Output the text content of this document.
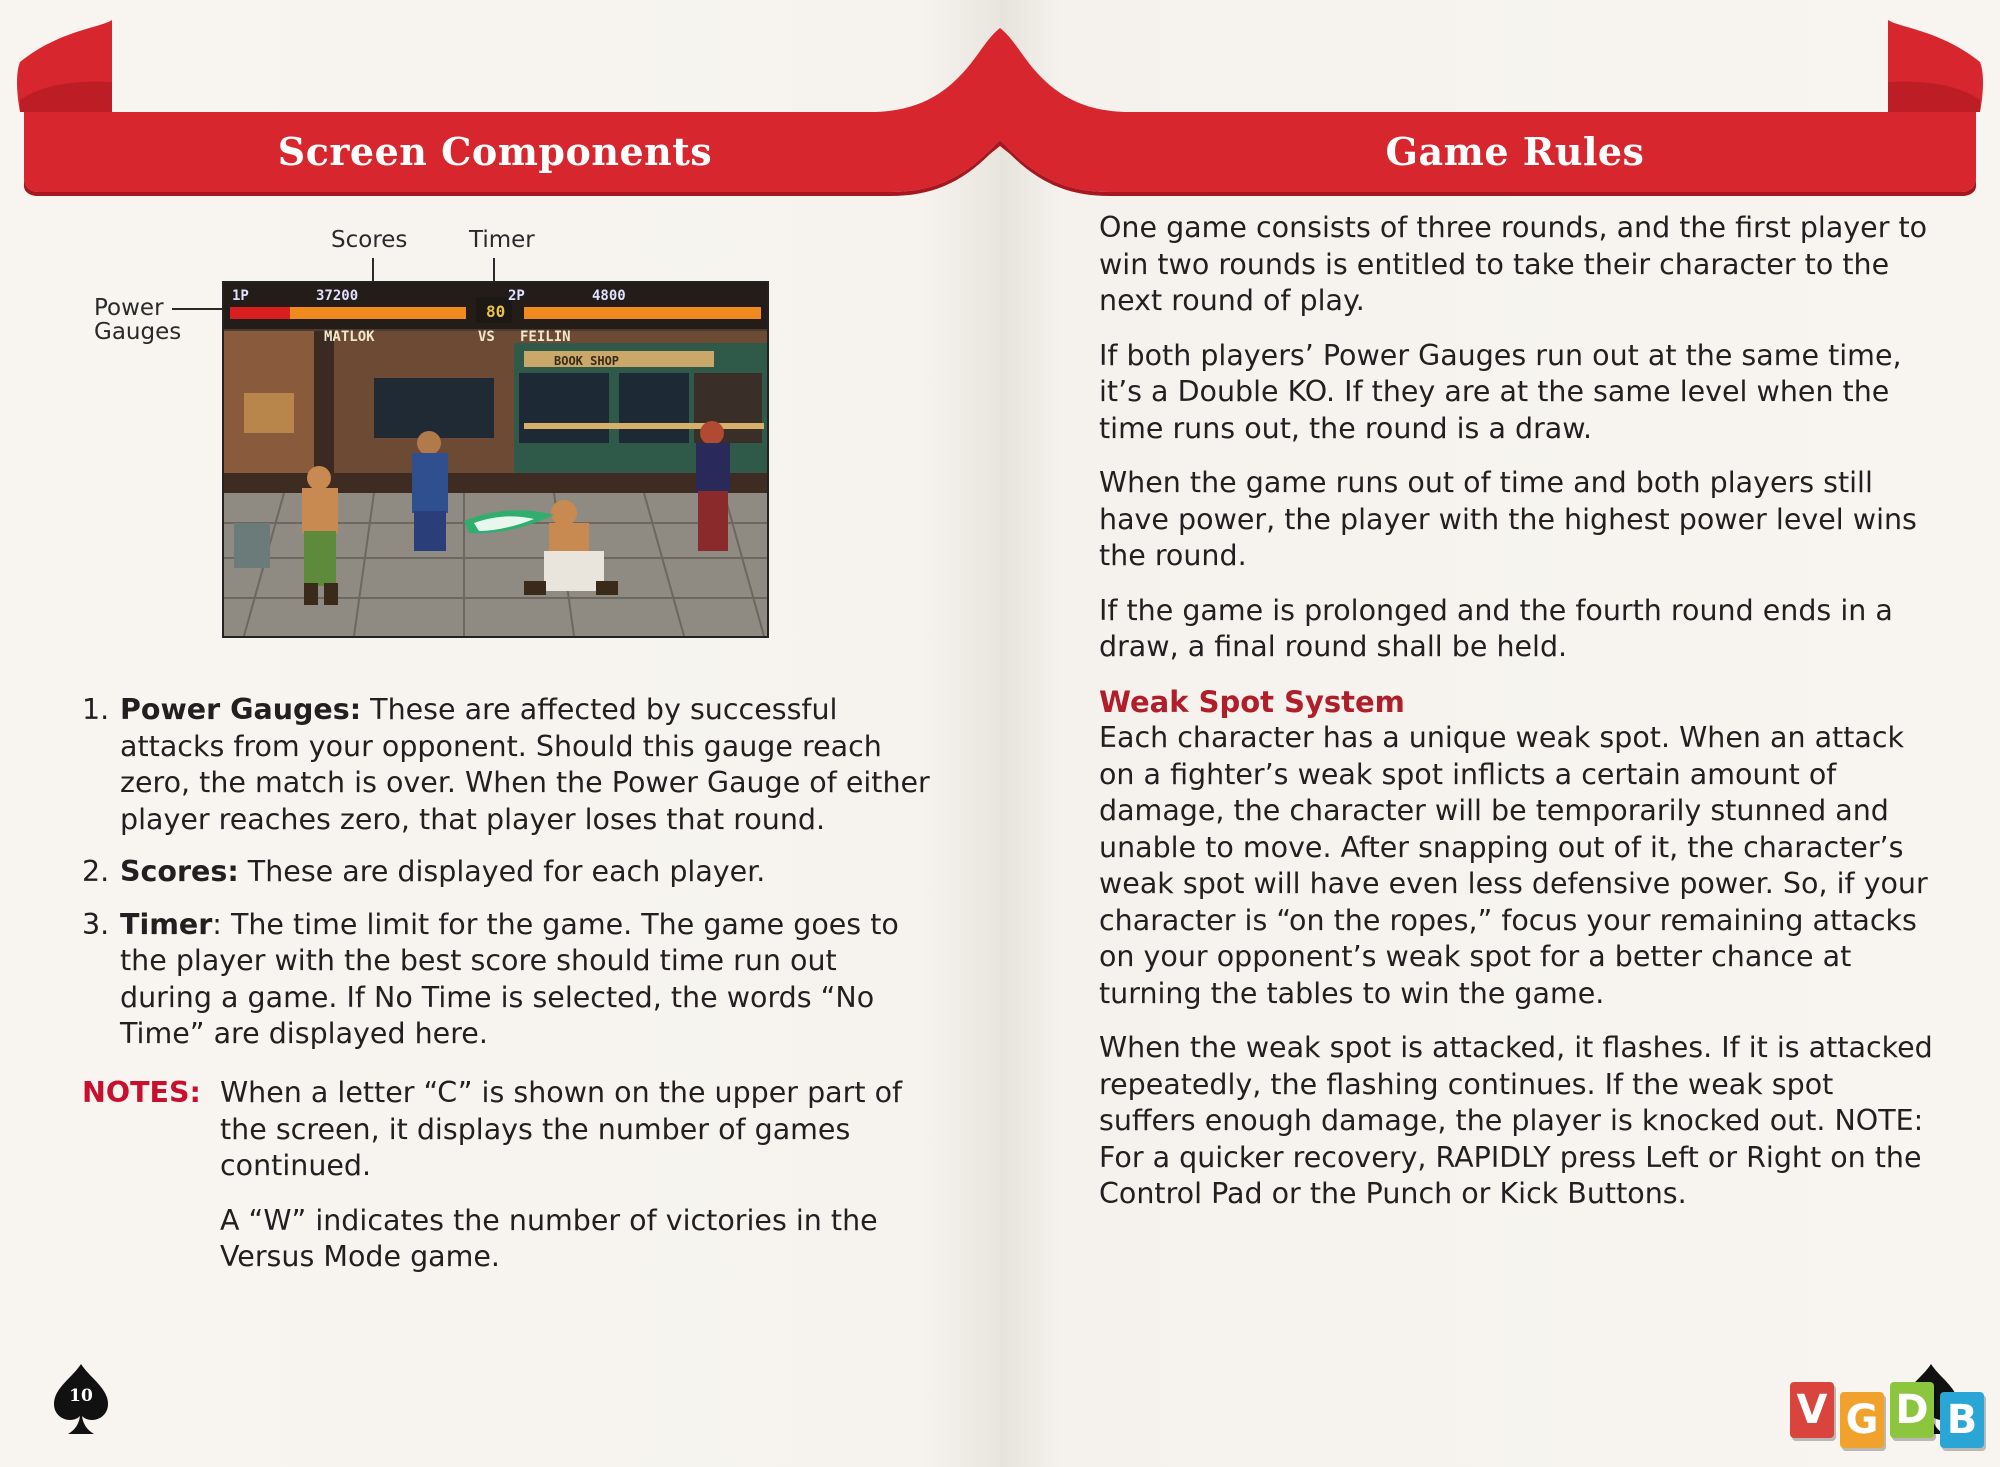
Screen Components	Game Rules
Scores	Timer
Power
Gauges
80
1P	37200	2P	4800
MATLOK	VS FEILIN
BOOK SHOP
1. Power Gauges: These are affected by successful attacks from your opponent. Should this gauge reach zero, the match is over. When the Power Gauge of either player reaches zero, that player loses that round.
2. Scores: These are displayed for each player.
3. Timer: The time limit for the game. The game goes to the player with the best score should time run out during a game. If No Time is selected, the words “No Time” are displayed here.
NOTES: When a letter “C” is shown on the upper part of the screen, it displays the number of games continued.

A “W” indicates the number of victories in the Versus Mode game.

10

One game consists of three rounds, and the first player to win two rounds is entitled to take their character to the next round of play.

If both players’ Power Gauges run out at the same time, it’s a Double KO. If they are at the same level when the time runs out, the round is a draw.

When the game runs out of time and both players still have power, the player with the highest power level wins the round.

If the game is prolonged and the fourth round ends in a draw, a final round shall be held.

Weak Spot System

Each character has a unique weak spot. When an attack on a fighter’s weak spot inflicts a certain amount of damage, the character will be temporarily stunned and unable to move. After snapping out of it, the character’s weak spot will have even less defensive power. So, if your character is “on the ropes,” focus your remaining attacks on your opponent’s weak spot for a better chance at turning the tables to win the game.

When the weak spot is attacked, it flashes. If it is attacked repeatedly, the flashing continues. If the weak spot suffers enough damage, the player is knocked out. NOTE: For a quicker recovery, RAPIDLY press Left or Right on the Control Pad or the Punch or Kick Buttons.

V G D B
